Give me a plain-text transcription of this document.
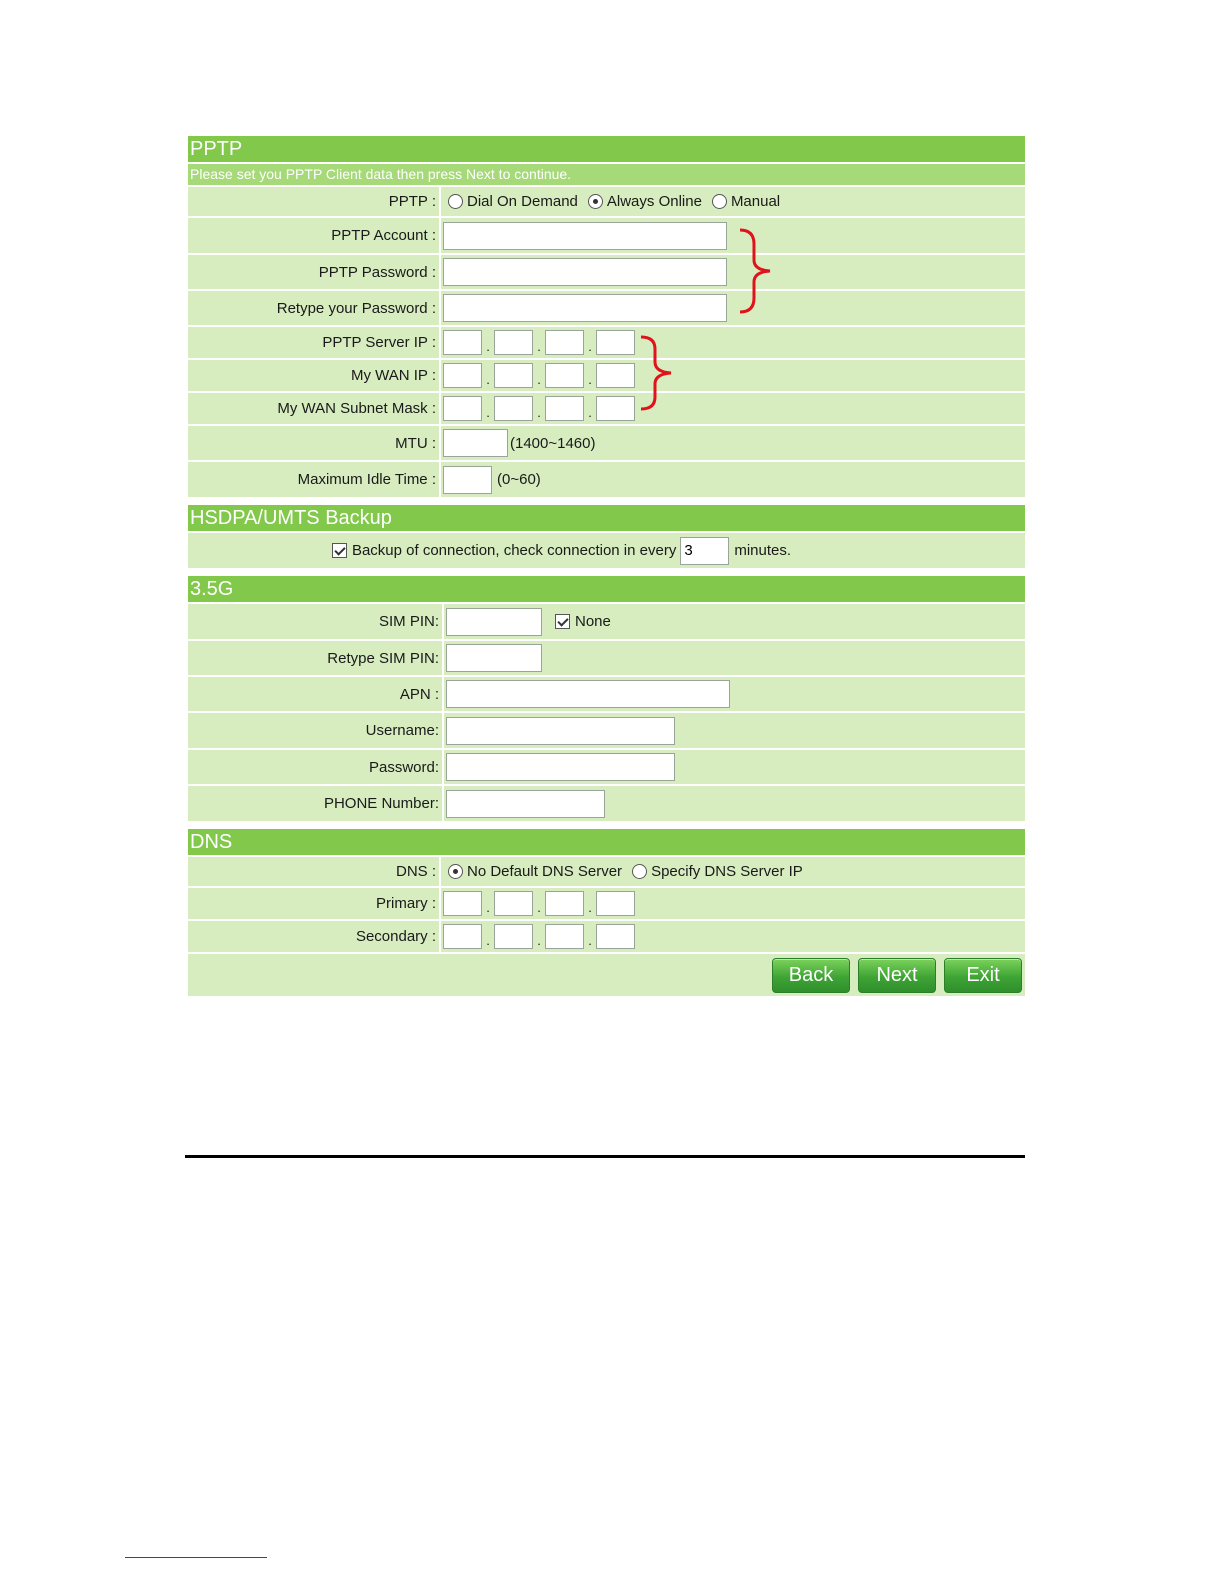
PPTP
Please set you PPTP Client data then press Next to continue.
PPTP :	Dial On Demand Always Online Manual
PPTP Account :
PPTP Password :
Retype your Password :
PPTP Server IP :	.	.	.
My WAN IP :	.	.	.
My WAN Subnet Mask :	.	.	.
MTU :	(1400~1460)
Maximum Idle Time :	(0~60)
HSDPA/UMTS Backup
Backup of connection, check connection in every
3	minutes.
3.5G
SIM PIN:	None
Retype SIM PIN:
APN :
Username:
Password:
PHONE Number:
DNS
DNS :	No Default DNS Server Specify DNS Server IP
Primary :	.	.	.
Secondary :	.	.	.
Back	Next	Exit
